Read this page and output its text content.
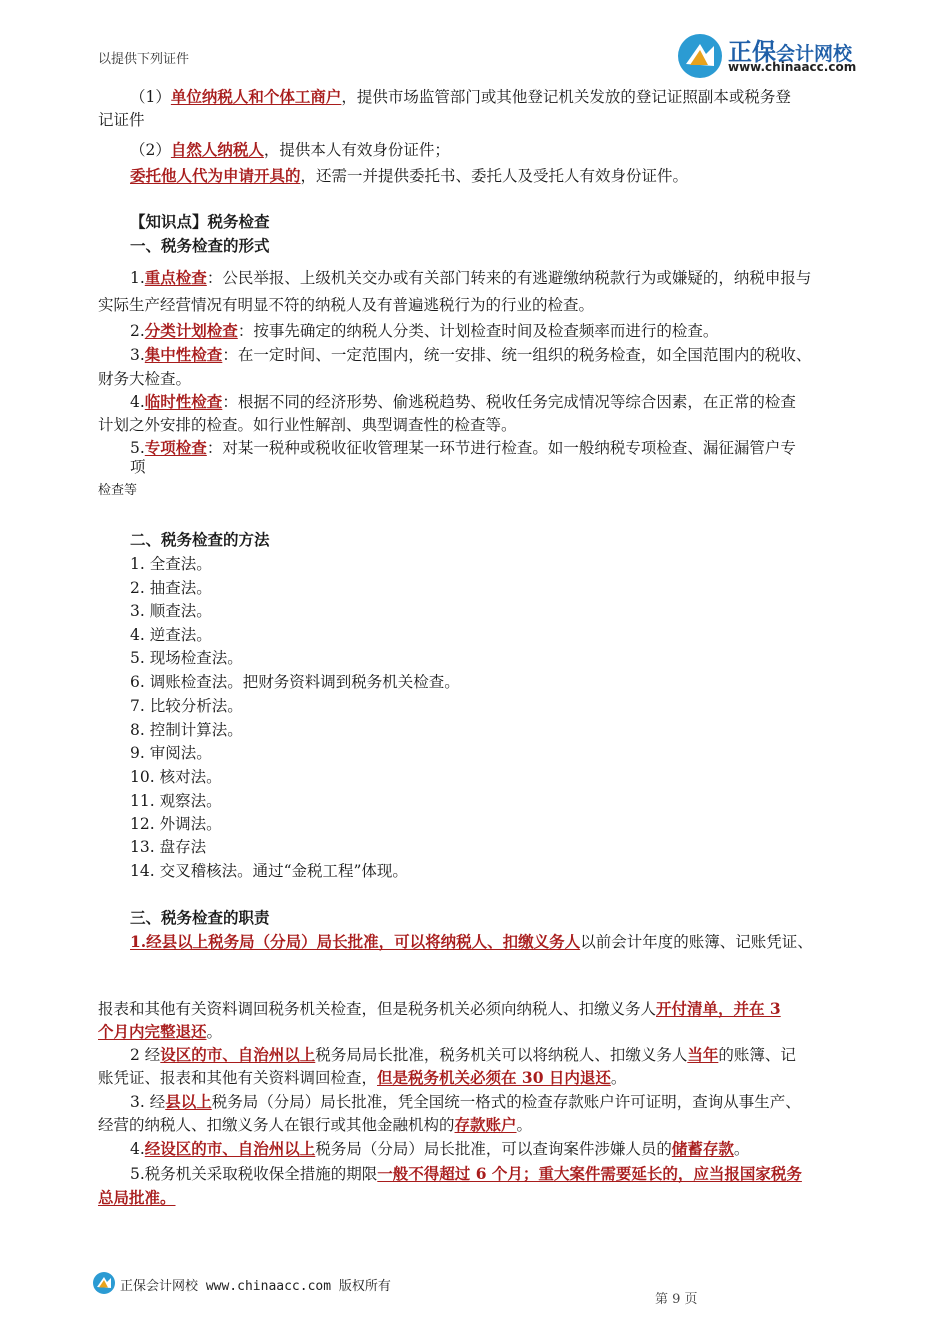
正保会计网校
www.chinaacc.com
以提供下列证件
（1）单位纳税人和个体工商户，提供市场监管部门或其他登记机关发放的登记证照副本或税务登
记证件
（2）自然人纳税人，提供本人有效身份证件；
委托他人代为申请开具的，还需一并提供委托书、委托人及受托人有效身份证件。
【知识点】税务检查
一、税务检查的形式
1.重点检查：公民举报、上级机关交办或有关部门转来的有逃避缴纳税款行为或嫌疑的，纳税申报与
实际生产经营情况有明显不符的纳税人及有普遍逃税行为的行业的检查。
2.分类计划检查：按事先确定的纳税人分类、计划检查时间及检查频率而进行的检查。
3.集中性检查：在一定时间、一定范围内，统一安排、统一组织的税务检查，如全国范围内的税收、
财务大检查。
4.临时性检查：根据不同的经济形势、偷逃税趋势、税收任务完成情况等综合因素，在正常的检查
计划之外安排的检查。如行业性解剖、典型调查性的检查等。
5.专项检查：对某一税种或税收征收管理某一环节进行检查。如一般纳税专项检查、漏征漏管户专
项
检查等
二、税务检查的方法
1. 全查法。
2. 抽查法。
3. 顺查法。
4. 逆查法。
5. 现场检查法。
6. 调账检查法。把财务资料调到税务机关检查。
7. 比较分析法。
8. 控制计算法。
9. 审阅法。
10. 核对法。
11. 观察法。
12. 外调法。
13. 盘存法
14. 交叉稽核法。通过“金税工程”体现。
三、税务检查的职责
1.经县以上税务局（分局）局长批准，可以将纳税人、扣缴义务人以前会计年度的账簿、记账凭证、
报表和其他有关资料调回税务机关检查，但是税务机关必须向纳税人、扣缴义务人开付清单，并在 3
个月内完整退还。
2 经设区的市、自治州以上税务局局长批准，税务机关可以将纳税人、扣缴义务人当年的账簿、记
账凭证、报表和其他有关资料调回检查，但是税务机关必须在 30 日内退还。
3. 经县以上税务局（分局）局长批准，凭全国统一格式的检查存款账户许可证明，查询从事生产、
经营的纳税人、扣缴义务人在银行或其他金融机构的存款账户。
4.经设区的市、自治州以上税务局（分局）局长批准，可以查询案件涉嫌人员的储蓄存款。
5.税务机关采取税收保全措施的期限一般不得超过 6 个月；重大案件需要延长的，应当报国家税务
总局批准。
正保会计网校 www.chinaacc.com 版权所有
第 9 页
